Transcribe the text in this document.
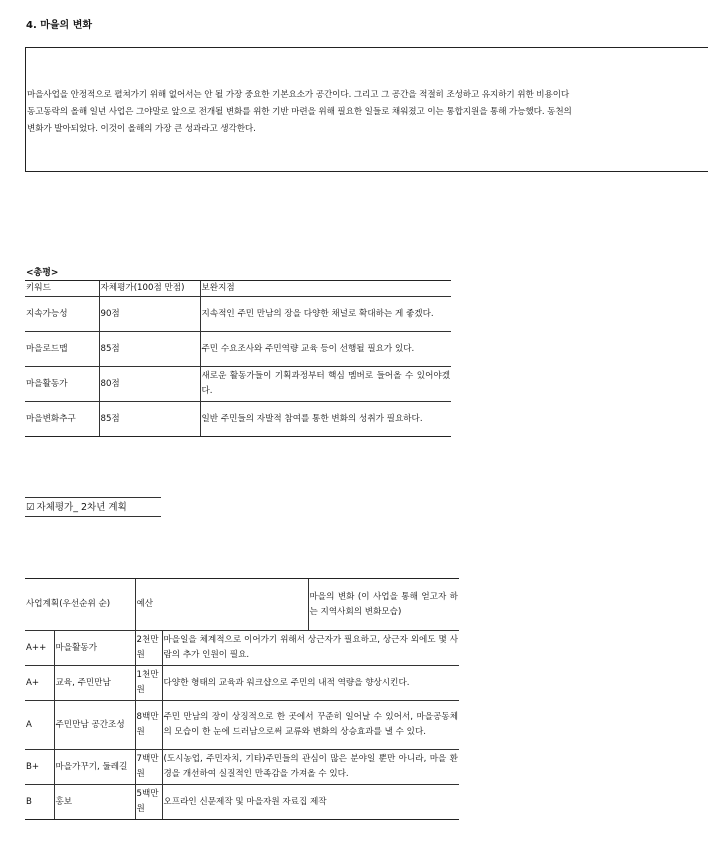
4. 마을의 변화
마을사업을 안정적으로 펼쳐가기 위해 없어서는 안 될 가장 중요한 기본요소가 공간이다. 그리고 그 공간을 적절히 조성하고 유지하기 위한 비용이다
동고동락의 올해 일년 사업은 그야말로 앞으로 전개될 변화를 위한 기반 마련을 위해 필요한 일들로 채워졌고 이는 통합지원을 통해 가능했다. 동천의
변화가 발아되었다. 이것이 올해의 가장 큰 성과라고 생각한다.
<총평>
키워드	자체평가(100점 만점)	보완지점
지속가능성	90점	지속적인 주민 만남의 장을 다양한 채널로 확대하는 게 좋겠다.
마을로드맵	85점	주민 수요조사와 주민역량 교육 등이 선행될 필요가 있다.
마을활동가	80점	새로운 활동가들이 기획과정부터 핵심 멤버로 들어올 수 있어야겠다.
마을변화추구	85점	일반 주민들의 자발적 참여를 통한 변화의 성취가 필요하다.
☑ 자체평가_ 2차년 계획
사업계획(우선순위 순)		예산		마을의 변화 (이 사업을 통해 얻고자 하는 지역사회의 변화모습)
A++	마을활동가	2천만원	마을일을 체계적으로 이어가기 위해서 상근자가 필요하고, 상근자 외에도 몇 사람의 추가 인원이 필요.	
A+	교육, 주민만남	1천만원	다양한 형태의 교육과 워크샵으로 주민의 내적 역량을 향상시킨다.	
A	주민만남 공간조성	8백만원	주민 만남의 장이 상징적으로 한 곳에서 꾸준히 일어날 수 있어서, 마을공동체의 모습이 한 눈에 드러남으로써 교류와 변화의 상승효과를 낼 수 있다.	
B+	마을가꾸기, 둘레길	7백만원	(도시농업, 주민자치, 기타)주민들의 관심이 많은 분야일 뿐만 아니라, 마을 환경을 개선하여 실질적인 만족감을 가져올 수 있다.	
B	홍보	5백만원	오프라인 신문제작 및 마을자원 자료집 제작	
